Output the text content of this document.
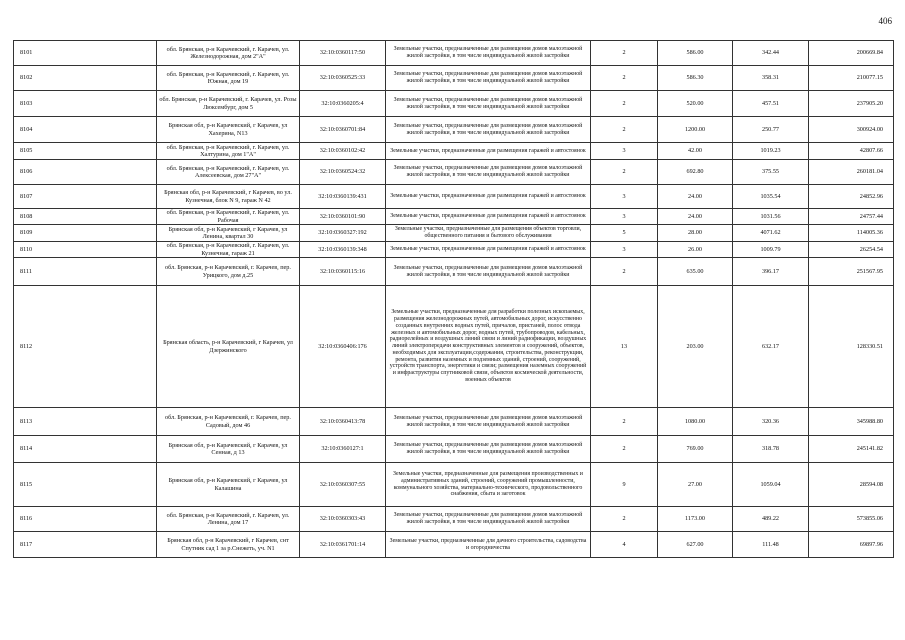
406
8101	обл. Брянская, р-н Карачевский, г. Карачев, ул. Железнодорожная, дом 2"А"	32:10:0360117:50	Земельные участки, предназначенные для размещения домов малоэтажной жилой застройки, в том числе индивидуальной жилой застройки	2	586.00	342.44	200669.84
8102	обл. Брянская, р-н Карачевский, г. Карачев, ул. Южная, дом 19	32:10:0360525:33	Земельные участки, предназначенные для размещения домов малоэтажной жилой застройки, в том числе индивидуальной жилой застройки	2	586.30	358.31	210077.15
8103	обл. Брянская, р-н Карачевский, г. Карачев, ул. Розы Люксембург, дом 5	32:10:0360205:4	Земельные участки, предназначенные для размещения домов малоэтажной жилой застройки, в том числе индивидуальной жилой застройки	2	520.00	457.51	237905.20
8104	Брянская обл, р-н Карачевский, г Карачев, ул Хахерина, N13	32:10:0360701:84	Земельные участки, предназначенные для размещения домов малоэтажной жилой застройки, в том числе индивидуальной жилой застройки	2	1200.00	250.77	300924.00
8105	обл. Брянская, р-н Карачевский, г. Карачев, ул. Халтурина, дом 1"А"	32:10:0360102:42	Земельные участки, предназначенные для размещения гаражей и автостоянок	3	42.00	1019.23	42807.66
8106	обл. Брянская, р-н Карачевский, г. Карачев, ул. Алексеевская, дом 27"А"	32:10:0360524:32	Земельные участки, предназначенные для размещения домов малоэтажной жилой застройки, в том числе индивидуальной жилой застройки	2	692.80	375.55	260181.04
8107	Брянская обл, р-н Карачевский, г Карачев, во ул. Кузнечная, блок N 9, гараж N 42	32:10:0360139:431	Земельные участки, предназначенные для размещения гаражей и автостоянок	3	24.00	1035.54	24852.96
8108	обл. Брянская, р-н Карачевский, г. Карачев, ул. Рабочая	32:10:0360101:90	Земельные участки, предназначенные для размещения гаражей и автостоянок	3	24.00	1031.56	24757.44
8109	Брянская обл, р-н Карачевский, г Карачев, ул Ленина, квартал 30	32:10:0360327:192	Земельные участки, предназначенные для размещения объектов торговли, общественного питания и бытового обслуживания	5	28.00	4071.62	114005.36
8110	обл. Брянская, р-н Карачевский, г. Карачев, ул. Кузнечная, гараж 21	32:10:0360139:348	Земельные участки, предназначенные для размещения гаражей и автостоянок	3	26.00	1009.79	26254.54
8111	обл. Брянская, р-н Карачевский, г. Карачев, пер. Урицкого, дом д.25	32:10:0360115:16	Земельные участки, предназначенные для размещения домов малоэтажной жилой застройки, в том числе индивидуальной жилой застройки	2	635.00	396.17	251567.95
8112	Брянская область, р-н Карачевский, г Карачев, ул Дзержинского	32:10:0360406:176	Земельные участки, предназначенные для разработки полезных ископаемых, размещения железнодорожных путей, автомобильных дорог, искусственно созданных внутренних водных путей, причалов, пристаней, полос отвода железных и автомобильных дорог, водных путей, трубопроводов, кабельных, радиорелейных и воздушных линий связи и линий радиофикации, воздушных линий электропередачи конструктивных элементов и сооружений, объектов, необходимых для эксплуатации,содержания, строительства, реконструкции, ремонта, развития наземных и подземных зданий, строений, сооружений, устройств транспорта, энергетики и связи; размещения наземных сооружений и инфраструктуры спутниковой связи, объектов космической деятельности, военных объектов	13	203.00	632.17	128330.51
8113	обл. Брянская, р-н Карачевский, г. Карачев, пер. Садовый, дом 46	32:10:0360413:78	Земельные участки, предназначенные для размещения домов малоэтажной жилой застройки, в том числе индивидуальной жилой застройки	2	1080.00	320.36	345988.80
8114	Брянская обл, р-н Карачевский, г Карачев, ул Сенная, д 13	32:10:0360127:1	Земельные участки, предназначенные для размещения домов малоэтажной жилой застройки, в том числе индивидуальной жилой застройки	2	769.00	318.78	245141.82
8115	Брянская обл, р-н Карачевский, г Карачев, ул Калашина	32:10:0360307:55	Земельные участки, предназначенные для размещения производственных и административных зданий, строений, сооружений промышленности, коммунального хозяйства, материально-технического, продовольственного снабжения, сбыта и заготовок	9	27.00	1059.04	28594.08
8116	обл. Брянская, р-н Карачевский, г. Карачев, ул. Ленина, дом 17	32:10:0360303:43	Земельные участки, предназначенные для размещения домов малоэтажной жилой застройки, в том числе индивидуальной жилой застройки	2	1173.00	489.22	573855.06
8117	Брянская обл, р-н Карачевский, г Карачев, снт Спутник сад 1 за р.Снежеть, уч. N1	32:10:0361701:14	Земельные участки, предназначенные для дачного строительства, садоводства и огородничества	4	627.00	111.48	69897.96
